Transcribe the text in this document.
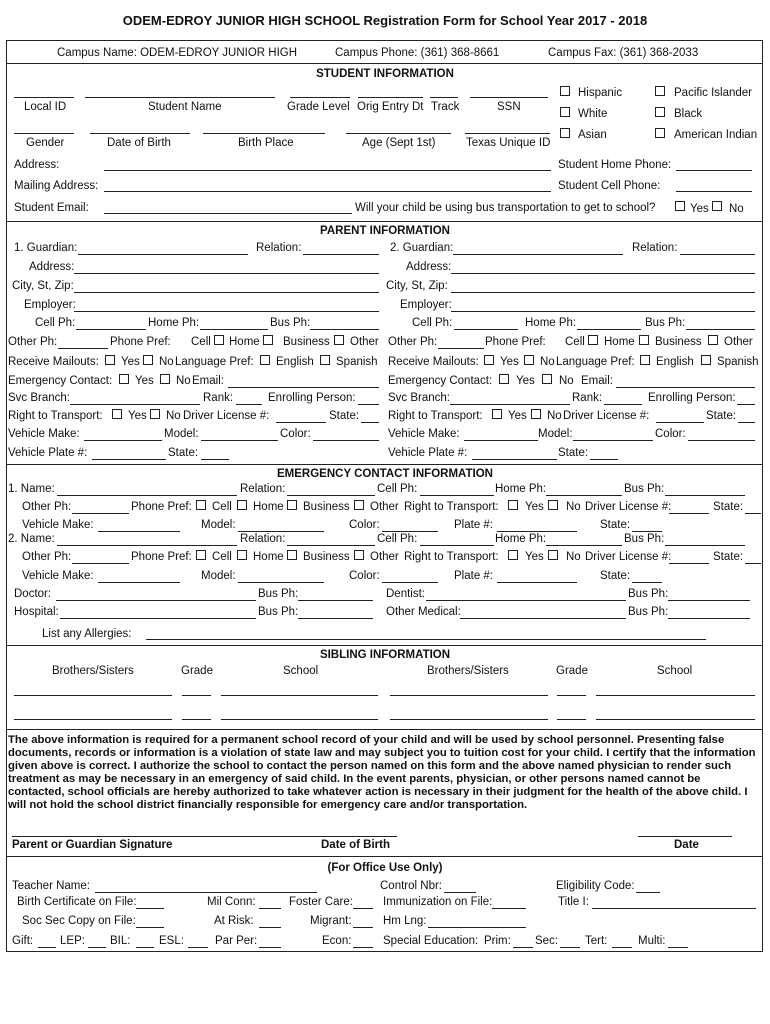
ODEM-EDROY JUNIOR HIGH SCHOOL Registration Form for School Year 2017 - 2018
Campus Name: ODEM-EDROY JUNIOR HIGH	Campus Phone: (361) 368-8661	Campus Fax: (361) 368-2033
STUDENT INFORMATION
Local ID	Student Name	Grade Level Orig Entry Dt Track	SSN
Hispanic	Pacific Islander
White	Black
Asian	American Indian
Gender	Date of Birth	Birth Place	Age (Sept 1st)	Texas Unique ID
Address:	Student Home Phone:
Mailing Address:	Student Cell Phone:
Student Email:	Will your child be using bus transportation to get to school?	Yes No
PARENT INFORMATION
1. Guardian:	Relation:
Address:
City, St, Zip:
Employer:
Cell Ph:	Home Ph:	Bus Ph:
Other Ph:	Phone Pref: Cell Home Business Other
Receive Mailouts: Yes No Language Pref: English Spanish
Emergency Contact: Yes No Email:
Svc Branch:	Rank:	Enrolling Person:
Right to Transport: Yes No Driver License #:	State:
Vehicle Make:	Model:	Color:
Vehicle Plate #:	State:
2. Guardian:	Relation:
Address:
City, St, Zip:
Employer:
Cell Ph:	Home Ph:	Bus Ph:
Other Ph:	Phone Pref: Cell Home Business Other
Receive Mailouts: Yes No Language Pref: English Spanish
Emergency Contact: Yes No Email:
Svc Branch:	Rank:	Enrolling Person:
Right to Transport: Yes No Driver License #:	State:
Vehicle Make:	Model:	Color:
Vehicle Plate #:	State:
EMERGENCY CONTACT INFORMATION
1. Name:	Relation:	Cell Ph:	Home Ph:	Bus Ph:
Other Ph:	Phone Pref: Cell Home Business Other Right to Transport: Yes No Driver License #:	State:
Vehicle Make:	Model:	Color:	Plate #:	State:
2. Name:	Relation:	Cell Ph:	Home Ph:	Bus Ph:
Other Ph:	Phone Pref: Cell Home Business Other Right to Transport: Yes No Driver License #:	State:
Vehicle Make:	Model:	Color:	Plate #:	State:
Doctor:	Bus Ph:	Dentist:	Bus Ph:
Hospital:	Bus Ph:	Other Medical:	Bus Ph:
List any Allergies:
SIBLING INFORMATION
Brothers/Sisters	Grade	School	Brothers/Sisters	Grade	School
The above information is required for a permanent school record of your child and will be used by school personnel. Presenting false documents, records or information is a violation of state law and may subject you to tuition cost for your child. I certify that the information given above is correct. I authorize the school to contact the person named on this form and the above named physician to render such treatment as may be necessary in an emergency of said child. In the event parents, physician, or other persons named cannot be contacted, school officials are hereby authorized to take whatever action is necessary in their judgment for the health of the above child. I will not hold the school district financially responsible for emergency care and/or transportation.
Parent or Guardian Signature	Date of Birth	Date
(For Office Use Only)
Teacher Name:	Control Nbr:	Eligibility Code:
Birth Certificate on File:	Mil Conn:	Foster Care:	Immunization on File:	Title I:
Soc Sec Copy on File:	At Risk:	Migrant:	Hm Lng:
Gift: LEP: BIL: ESL:	Par Per:	Econ:	Special Education: Prim: Sec: Tert:	Multi:
